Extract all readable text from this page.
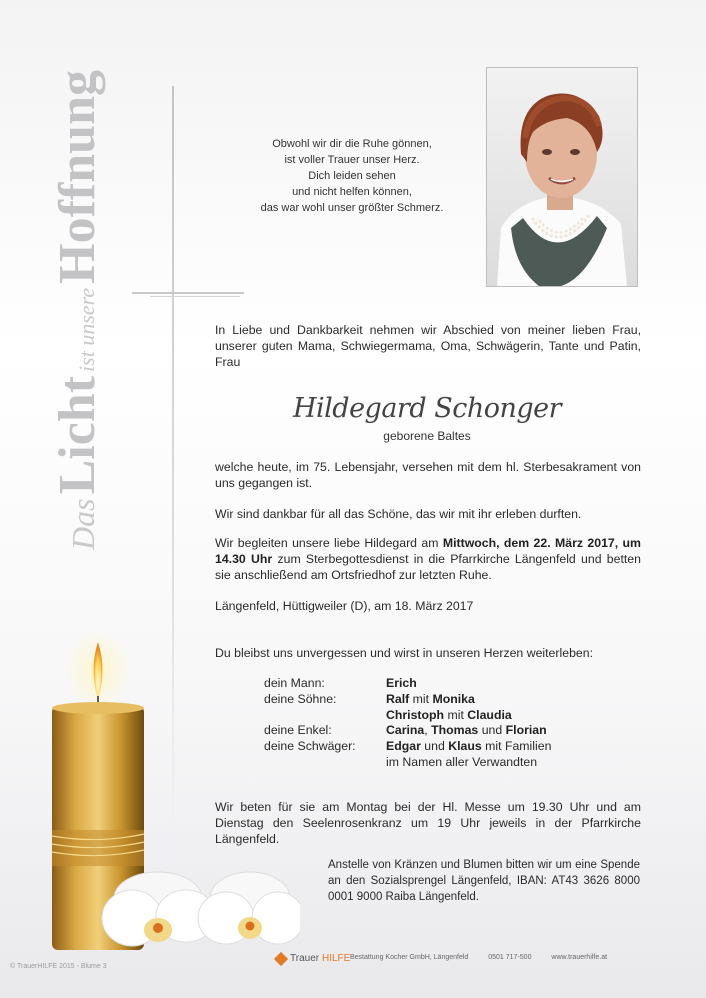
Das Licht ist unsere Hoffnung	Obwohl wir dir die Ruhe gönnen,
ist voller Trauer unser Herz.
Dich leiden sehen
und nicht helfen können,
das war wohl unser größter Schmerz.
In Liebe und Dankbarkeit nehmen wir Abschied von meiner lieben Frau, unserer guten Mama, Schwiegermama, Oma, Schwägerin, Tante und Patin, Frau
Hildegard Schonger
geborene Baltes
welche heute, im 75. Lebensjahr, versehen mit dem hl. Sterbesakrament von uns gegangen ist.
Wir sind dankbar für all das Schöne, das wir mit ihr erleben durften.
Wir begleiten unsere liebe Hildegard am Mittwoch, dem 22. März 2017, um 14.30 Uhr zum Sterbegottesdienst in die Pfarrkirche Längenfeld und betten sie anschließend am Ortsfriedhof zur letzten Ruhe.
Längenfeld, Hüttigweiler (D), am 18. März 2017
Du bleibst uns unvergessen und wirst in unseren Herzen weiterleben:
dein Mann:	Erich
deine Söhne:	Ralf mit Monika
Christoph mit Claudia
deine Enkel:	Carina, Thomas und Florian
deine Schwäger:	Edgar und Klaus mit Familien
im Namen aller Verwandten
Wir beten für sie am Montag bei der Hl. Messe um 19.30 Uhr und am Dienstag den Seelenrosenkranz um 19 Uhr jeweils in der Pfarrkirche Längenfeld.
Anstelle von Kränzen und Blumen bitten wir um eine Spende an den Sozialsprengel Längenfeld, IBAN: AT43 3626 8000 0001 9000 Raiba Längenfeld.
© TrauerHILFE 2015 - Blume 3
Trauer HILFE Bestattung Kocher GmbH, Längenfeld	0501 717-500	www.trauerhilfe.at
